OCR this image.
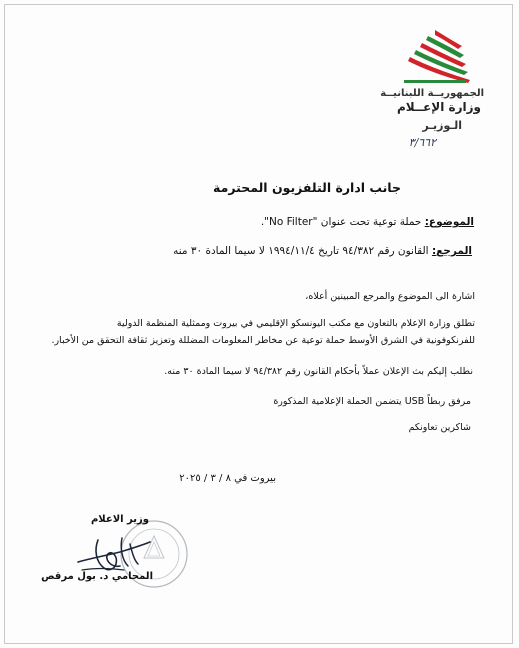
الجمهوريــة اللبنانيــة
وزارة الإعــلام
الـوزيـر
٣/٦٦٢
جانب ادارة التلفزيون المحترمة
الموضوع: حملة توعية تحت عنوان "No Filter".
المرجع: القانون رقم ٩٤/٣٨٢ تاريخ ١٩٩٤/١١/٤ لا سيما المادة ٣٠ منه
اشارة الى الموضوع والمرجع المبينين أعلاه،
تطلق وزارة الإعلام بالتعاون مع مكتب اليونسكو الإقليمي في بيروت وممثلية المنظمة الدولية
للفرنكوفونية في الشرق الأوسط حملة توعية عن مخاطر المعلومات المضللة وتعزيز ثقافة التحقق من الأخبار.
نطلب إليكم بث الإعلان عملاً بأحكام القانون رقم ٩٤/٣٨٢ لا سيما المادة ٣٠ منه.
مرفق ربطاً USB يتضمن الحملة الإعلامية المذكورة
شاكرين تعاونكم
بيروت في ٨ / ٣ / ٢٠٢٥
وزير الاعلام
المحامي د. بول مرقص
